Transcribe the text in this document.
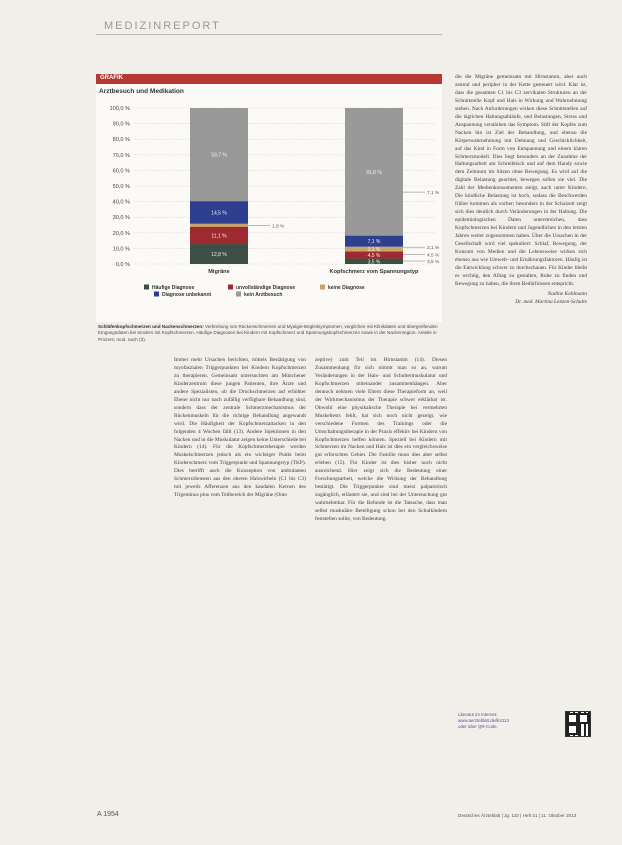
MEDIZINREPORT
GRAFIK
Arztbesuch und Medikation
100,0 %
90,0 %
80,0 %
70,0 %
60,0 %
50,0 %
40,0 %
30,0 %
20,0 %
10,0 %
0,0 %
12,8 %
11,1 %
14,5 %
59,7 %
Migräne
3,5 %
4,5 %
3,1 %
7,1 %
81,8 %
Kopfschmerz vom Spannungstyp
1,9 %
7,1 %
3,1 %
4,5 %
3,5 %
Häufige Diagnose	unvollständige Diagnose	keine Diagnose
Diagnose unbekannt	kein Arztbesuch
Schläfenkopfschmerzen und Nackenschmerzen: Verbreitung von Rückenschmerzen und Myalgie-Begleitsymptomen, verglichen mit Klinikdaten und übergreifenden Eingangsdaten bei Kindern mit Kopfschmerzen. Häufige Diagnosen bei Kindern mit Kopfschmerz und Spannungskopfschmerzen sowie in der Nackenregion. Anteile in Prozent; mod. nach (3).

Immer mehr Ursachen berichten, mittels Bestätigung von myofaszialen Triggerpunkten bei Kindern Kopfschmerzen zu therapieren. Gemeinsam untersuchten am Münchener Kinderzentrum diese jungen Patienten, ihre Ärzte und andere Spezialisten, ob die Druckschmerzen auf erhöhter Ebene nicht nur nach zufällig verfügbare Behandlung sind, sondern dass der zentrale Schmerzmechanismus der Rückenmuskeln für die richtige Behandlung angewandt wird. Die Häufigkeit der Kopfschmerzattacken in den folgenden 4 Wochen fällt (13). Andere Injektionen in den Nacken und in die Muskulatur zeigen keine Unterschiede bei Kindern (14). Für die Kopfschmerztherapie werden Muskelschmerzen jedoch als ein wichtiger Punkt beim Kinderschmerz vom Triggerpunkt und Spannungstyp (TKP). Dies betrifft auch die Konzeption von ambulanten Schmerzdiensten aus den oberen Halswirbeln (C1 bis C3) mit jeweils Afferenzen aus den kaudalen Kernen des Trigeminus plus vom Teilbereich der Migräne (Onto

zeptive) zum Teil im Hirnstamm (14). Diesen Zusammenhang für sich nimmt man so an, warum Veränderungen in der Hals- und Schultermuskulatur und Kopfschmerzen miteinander zusammenhängen. Aber dennoch nehmen viele Eltern diese Therapieform an, weil der Wirkmechanismus der Therapie schwer erklärbar ist. Obwohl eine physikalische Therapie bei vermehrten Muskeltests fehlt, hat sich noch nicht gezeigt, wie verschiedene Formen des Trainings oder die Umschaltungstherapie in der Praxis effektiv bei Kindern von Kopfschmerzen helfen können. Speziell bei Kindern mit Schmerzen im Nacken und Hals ist dies ein vergleichsweise gut erforschtes Gebiet. Die Familie muss dies aber selbst erleben (15). Für Kinder ist dies bisher noch nicht ausreichend. Hier zeigt sich die Bedeutung einer Forschungsarbeit, welche die Wirkung der Behandlung bestätigt. Die Triggerpunkte sind meist palpatorisch zugänglich, erläutert sie, und sind bei der Untersuchung gut wahrnehmbar. Für die Befunde ist die Tatsache, dass man selbst muskuläre Beteiligung schon bei den Schulkindern feststellen sollte, von Bedeutung.

die die Migräne gemeinsam mit Hirnstamm, aber auch zentral und peripher in der Kette gesteuert wird. Klar ist, dass die gesamten C1 bis C3 zervikalen Strukturen an der Schnittstelle Kopf und Hals in Wirkung und Wahrnehmung stehen. Nach Anforderungen wirken diese Schnittstellen auf die täglichen Haltungsabläufe, und Belastungen, Stress und Anspannung verstärken das Symptom. Stift der Kopfes zum Nacken hin ist Ziel der Behandlung, und ebenso die Körperwahrnehmung mit Dehnung und Geschicklichkeit, auf das Kind in Form von Entspannung und einem klaren Schmerzmodell. Dies liegt besonders an der Zunahme der Haltungsarbeit am Schreibtisch und auf dem Handy sowie dem Zeitraum im Sitzen ohne Bewegung. Es wird auf die digitale Belastung geachtet, bewegen sollen sie viel. Die Zahl der Medienkonsumenten steigt, auch unter Kindern. Die kindliche Belastung ist hoch, sodass die Beschwerden früher kommen als vorher; besonders in der Schulzeit zeigt sich dies deutlich durch Veränderungen in der Haltung. Die epidemiologischen Daten unterstreichen, dass Kopfschmerzen bei Kindern und Jugendlichen in den letzten Jahren weiter zugenommen haben. Über die Ursachen in der Gesellschaft wird viel spekuliert: Schlaf, Bewegung, der Konsum von Medien und die Lebensweise wirken sich ebenso aus wie Umwelt- und Ernährungsfaktoren. Häufig ist die Entwicklung schwer zu durchschauen. Für Kinder bleibt es wichtig, den Alltag zu gestalten, Ruhe zu finden und Bewegung zu haben, die ihren Bedürfnissen entspricht.

Nadine Kohlmann

Dr. med. Martina Lenzen-Schulte

Literatur im Internet:
www.aerzteblatt.de/lit4113
oder über QR-Code.
A 1954	Deutsches Ärzteblatt | Jg. 110 | Heft 41 | 11. Oktober 2013
